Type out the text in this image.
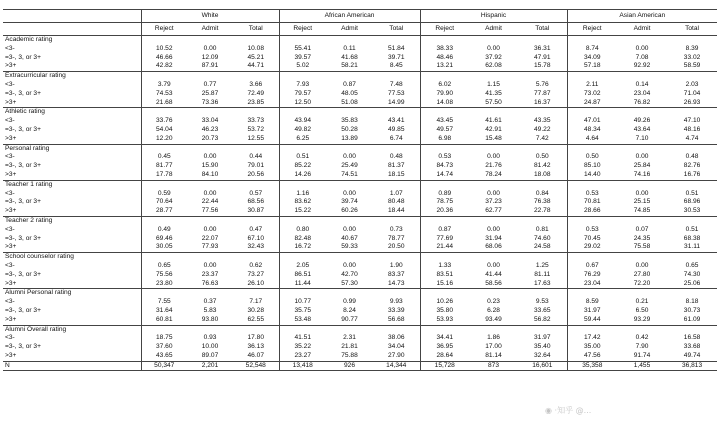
	White			African American			Hispanic			Asian American		
	Reject	Admit	Total	Reject	Admit	Total	Reject	Admit	Total	Reject	Admit	Total
Academic rating												
<3-	10.52	0.00	10.08	55.41	0.11	51.84	38.33	0.00	36.31	8.74	0.00	8.39
=3-, 3, or 3+	46.66	12.09	45.21	39.57	41.68	39.71	48.46	37.92	47.91	34.09	7.08	33.02
>3+	42.82	87.91	44.71	5.02	58.21	8.45	13.21	62.08	15.78	57.18	92.92	58.59
Extracurricular rating												
<3-	3.79	0.77	3.66	7.93	0.87	7.48	6.02	1.15	5.76	2.11	0.14	2.03
=3-, 3, or 3+	74.53	25.87	72.49	79.57	48.05	77.53	79.90	41.35	77.87	73.02	23.04	71.04
>3+	21.68	73.36	23.85	12.50	51.08	14.99	14.08	57.50	16.37	24.87	76.82	26.93
Athletic rating												
<3-	33.76	33.04	33.73	43.94	35.83	43.41	43.45	41.61	43.35	47.01	49.26	47.10
=3-, 3, or 3+	54.04	46.23	53.72	49.82	50.28	49.85	49.57	42.91	49.22	48.34	43.64	48.16
>3+	12.20	20.73	12.55	6.25	13.89	6.74	6.98	15.48	7.42	4.64	7.10	4.74
Personal rating												
<3-	0.45	0.00	0.44	0.51	0.00	0.48	0.53	0.00	0.50	0.50	0.00	0.48
=3-, 3, or 3+	81.77	15.90	79.01	85.22	25.49	81.37	84.73	21.76	81.42	85.10	25.84	82.76
>3+	17.78	84.10	20.56	14.26	74.51	18.15	14.74	78.24	18.08	14.40	74.16	16.76
Teacher 1 rating												
<3-	0.59	0.00	0.57	1.16	0.00	1.07	0.89	0.00	0.84	0.53	0.00	0.51
=3-, 3, or 3+	70.64	22.44	68.56	83.62	39.74	80.48	78.75	37.23	76.38	70.81	25.15	68.96
>3+	28.77	77.56	30.87	15.22	60.26	18.44	20.36	62.77	22.78	28.66	74.85	30.53
Teacher 2 rating												
<3-	0.49	0.00	0.47	0.80	0.00	0.73	0.87	0.00	0.81	0.53	0.07	0.51
=3-, 3, or 3+	69.46	22.07	67.10	82.48	40.67	78.77	77.69	31.94	74.60	70.45	24.35	68.38
>3+	30.05	77.93	32.43	16.72	59.33	20.50	21.44	68.06	24.58	29.02	75.58	31.11
School counselor rating												
<3-	0.65	0.00	0.62	2.05	0.00	1.90	1.33	0.00	1.25	0.67	0.00	0.65
=3-, 3, or 3+	75.56	23.37	73.27	86.51	42.70	83.37	83.51	41.44	81.11	76.29	27.80	74.30
>3+	23.80	76.63	26.10	11.44	57.30	14.73	15.16	58.56	17.63	23.04	72.20	25.06
Alumni Personal rating												
<3-	7.55	0.37	7.17	10.77	0.99	9.93	10.26	0.23	9.53	8.59	0.21	8.18
=3-, 3, or 3+	31.64	5.83	30.28	35.75	8.24	33.39	35.80	6.28	33.65	31.97	6.50	30.73
>3+	60.81	93.80	62.55	53.48	90.77	56.68	53.93	93.49	56.82	59.44	93.29	61.09
Alumni Overall rating												
<3-	18.75	0.93	17.80	41.51	2.31	38.06	34.41	1.86	31.97	17.42	0.42	16.58
=3-, 3, or 3+	37.60	10.00	36.13	35.22	21.81	34.04	36.95	17.00	35.40	35.00	7.90	33.68
>3+	43.65	89.07	46.07	23.27	75.88	27.90	28.64	81.14	32.64	47.56	91.74	49.74
N	50,347	2,201	52,548	13,418	926	14,344	15,728	873	16,601	35,358	1,455	36,813
◉ ·知乎 @...
